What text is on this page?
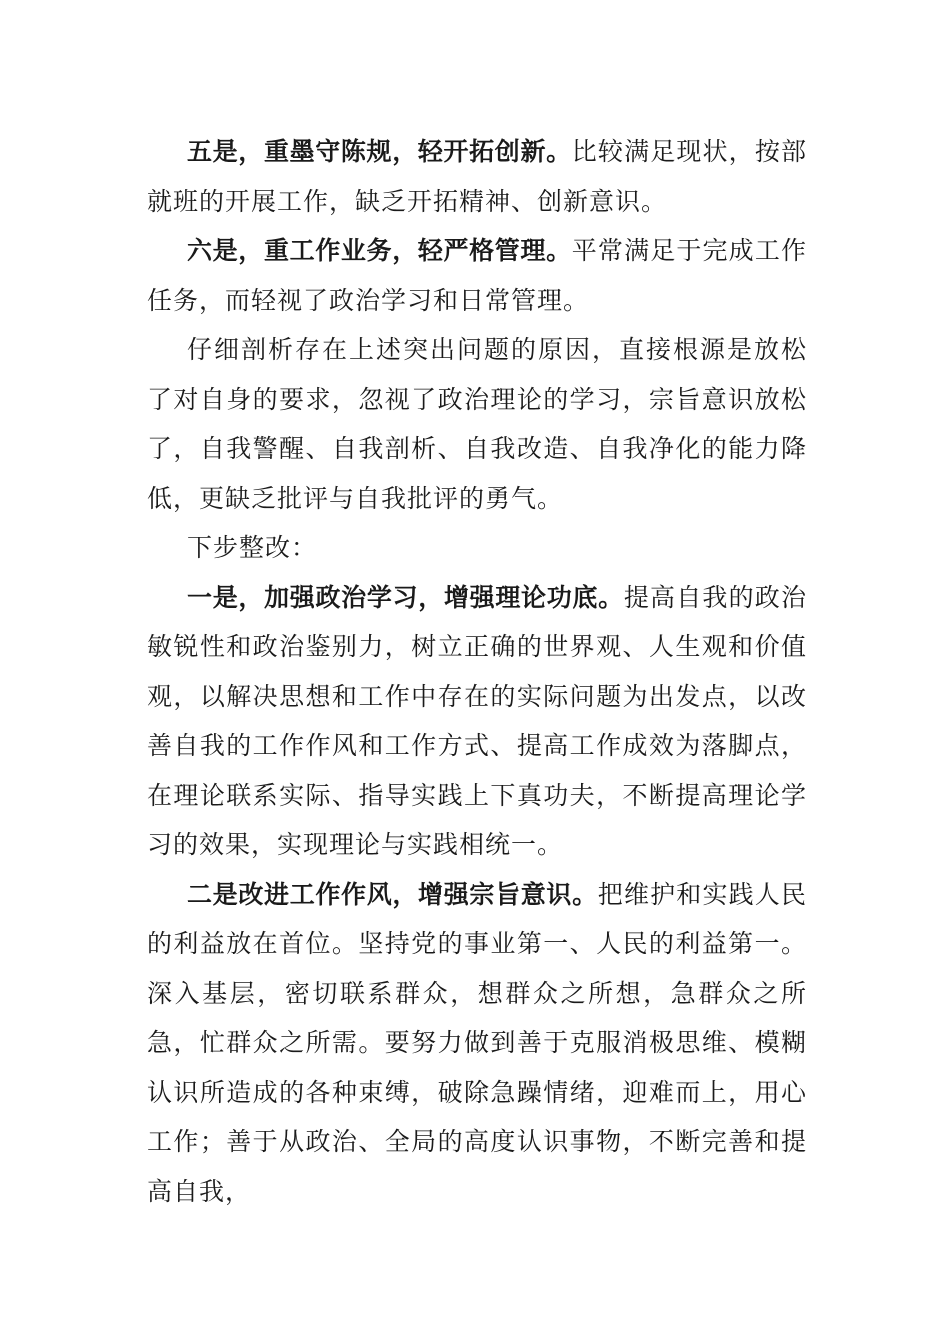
五是，重墨守陈规，轻开拓创新。比较满足现状，按部就班的开展工作，缺乏开拓精神、创新意识。

六是，重工作业务，轻严格管理。平常满足于完成工作任务，而轻视了政治学习和日常管理。

仔细剖析存在上述突出问题的原因，直接根源是放松了对自身的要求，忽视了政治理论的学习，宗旨意识放松了，自我警醒、自我剖析、自我改造、自我净化的能力降低，更缺乏批评与自我批评的勇气。

下步整改：

一是，加强政治学习，增强理论功底。提高自我的政治敏锐性和政治鉴别力，树立正确的世界观、人生观和价值观，以解决思想和工作中存在的实际问题为出发点，以改善自我的工作作风和工作方式、提高工作成效为落脚点，在理论联系实际、指导实践上下真功夫，不断提高理论学习的效果，实现理论与实践相统一。

二是改进工作作风，增强宗旨意识。把维护和实践人民的利益放在首位。坚持党的事业第一、人民的利益第一。深入基层，密切联系群众，想群众之所想，急群众之所急，忙群众之所需。要努力做到善于克服消极思维、模糊认识所造成的各种束缚，破除急躁情绪，迎难而上，用心工作；善于从政治、全局的高度认识事物，不断完善和提高自我，
